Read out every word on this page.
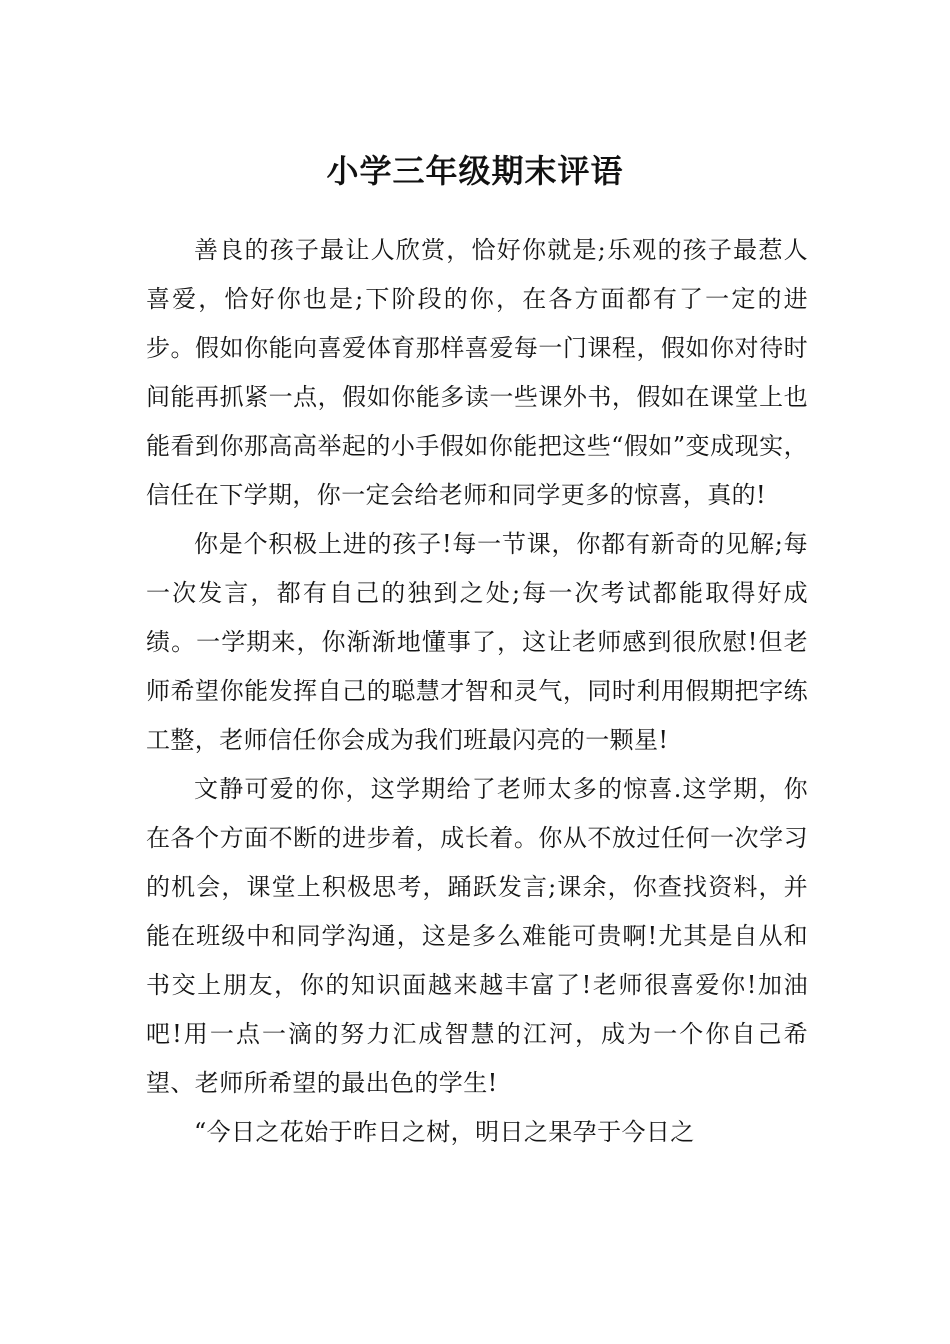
小学三年级期末评语

善良的孩子最让人欣赏，恰好你就是;乐观的孩子最惹人喜爱，恰好你也是;下阶段的你，在各方面都有了一定的进步。假如你能向喜爱体育那样喜爱每一门课程，假如你对待时间能再抓紧一点，假如你能多读一些课外书，假如在课堂上也能看到你那高高举起的小手假如你能把这些“假如”变成现实，信任在下学期，你一定会给老师和同学更多的惊喜，真的!

你是个积极上进的孩子!每一节课，你都有新奇的见解;每一次发言，都有自己的独到之处;每一次考试都能取得好成绩。一学期来，你渐渐地懂事了，这让老师感到很欣慰!但老师希望你能发挥自己的聪慧才智和灵气，同时利用假期把字练工整，老师信任你会成为我们班最闪亮的一颗星!

文静可爱的你，这学期给了老师太多的惊喜.这学期，你在各个方面不断的进步着，成长着。你从不放过任何一次学习的机会，课堂上积极思考，踊跃发言;课余，你查找资料，并能在班级中和同学沟通，这是多么难能可贵啊!尤其是自从和书交上朋友，你的知识面越来越丰富了!老师很喜爱你!加油吧!用一点一滴的努力汇成智慧的江河，成为一个你自己希望、老师所希望的最出色的学生!

“今日之花始于昨日之树，明日之果孕于今日之
